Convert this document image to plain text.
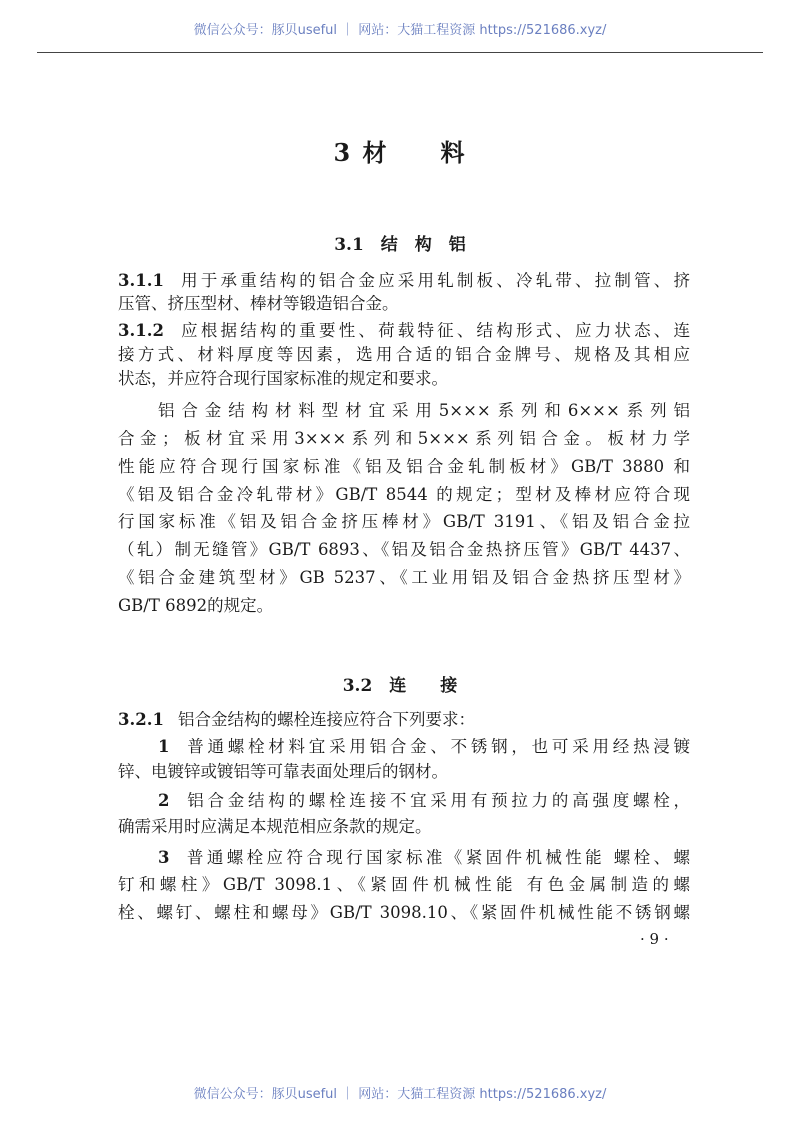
微信公众号：豚贝useful ｜ 网站：大猫工程资源 https://521686.xyz/
3 材　　料
3.1　结　构　铝
3.1.1 用于承重结构的铝合金应采用轧制板、冷轧带、拉制管、挤
压管、挤压型材、棒材等锻造铝合金。
3.1.2 应根据结构的重要性、荷载特征、结构形式、应力状态、连
接方式、材料厚度等因素，选用合适的铝合金牌号、规格及其相应
状态，并应符合现行国家标准的规定和要求。
铝合金结构材料型材宜采用5×××系列和6×××系列铝
合金；板材宜采用3×××系列和5×××系列铝合金。板材力学
性能应符合现行国家标准《铝及铝合金轧制板材》GB/T 3880 和
《铝及铝合金冷轧带材》GB/T 8544 的规定；型材及棒材应符合现
行国家标准《铝及铝合金挤压棒材》GB/T 3191、《铝及铝合金拉
（轧）制无缝管》GB/T 6893、《铝及铝合金热挤压管》GB/T 4437、
《铝合金建筑型材》GB 5237、《工业用铝及铝合金热挤压型材》
GB/T 6892的规定。
3.2　连　　接
3.2.1 铝合金结构的螺栓连接应符合下列要求：
1 普通螺栓材料宜采用铝合金、不锈钢，也可采用经热浸镀
锌、电镀锌或镀铝等可靠表面处理后的钢材。
2 铝合金结构的螺栓连接不宜采用有预拉力的高强度螺栓，
确需采用时应满足本规范相应条款的规定。
3 普通螺栓应符合现行国家标准《紧固件机械性能 螺栓、螺
钉和螺柱》GB/T 3098.1、《紧固件机械性能 有色金属制造的螺
栓、螺钉、螺柱和螺母》GB/T 3098.10、《紧固件机械性能不锈钢螺
· 9 ·
微信公众号：豚贝useful ｜ 网站：大猫工程资源 https://521686.xyz/
